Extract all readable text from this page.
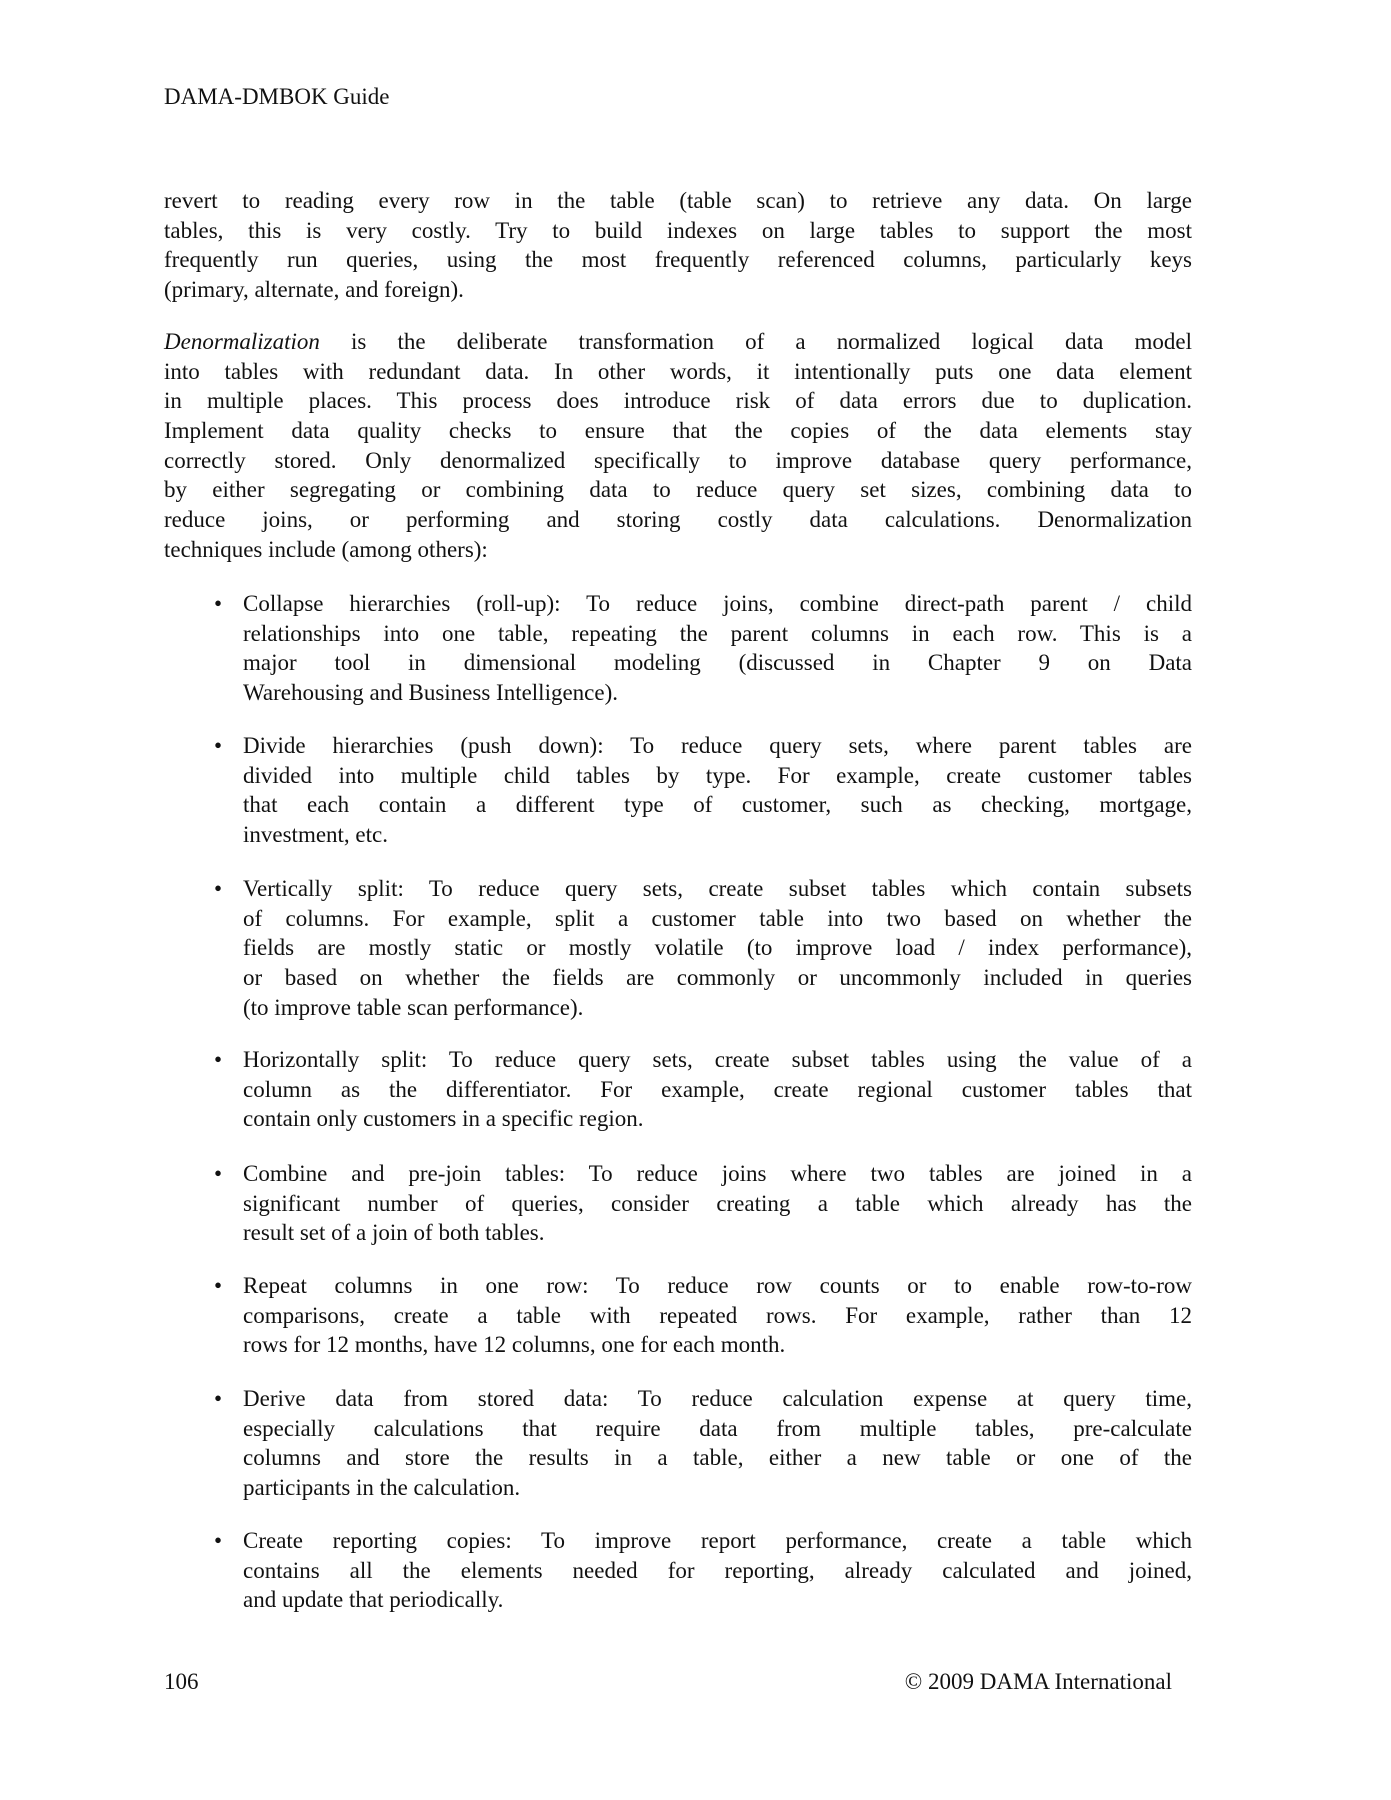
DAMA-DMBOK Guide
revert to reading every row in the table (table scan) to retrieve any data. On large
tables, this is very costly. Try to build indexes on large tables to support the most
frequently run queries, using the most frequently referenced columns, particularly keys
(primary, alternate, and foreign).
Denormalization is the deliberate transformation of a normalized logical data model
into tables with redundant data. In other words, it intentionally puts one data element
in multiple places. This process does introduce risk of data errors due to duplication.
Implement data quality checks to ensure that the copies of the data elements stay
correctly stored. Only denormalized specifically to improve database query performance,
by either segregating or combining data to reduce query set sizes, combining data to
reduce joins, or performing and storing costly data calculations. Denormalization
techniques include (among others):
• Collapse hierarchies (roll-up): To reduce joins, combine direct-path parent / child
relationships into one table, repeating the parent columns in each row. This is a
major tool in dimensional modeling (discussed in Chapter 9 on Data
Warehousing and Business Intelligence).
• Divide hierarchies (push down): To reduce query sets, where parent tables are
divided into multiple child tables by type. For example, create customer tables
that each contain a different type of customer, such as checking, mortgage,
investment, etc.
• Vertically split: To reduce query sets, create subset tables which contain subsets
of columns. For example, split a customer table into two based on whether the
fields are mostly static or mostly volatile (to improve load / index performance),
or based on whether the fields are commonly or uncommonly included in queries
(to improve table scan performance).
• Horizontally split: To reduce query sets, create subset tables using the value of a
column as the differentiator. For example, create regional customer tables that
contain only customers in a specific region.
• Combine and pre-join tables: To reduce joins where two tables are joined in a
significant number of queries, consider creating a table which already has the
result set of a join of both tables.
• Repeat columns in one row: To reduce row counts or to enable row-to-row
comparisons, create a table with repeated rows. For example, rather than 12
rows for 12 months, have 12 columns, one for each month.
• Derive data from stored data: To reduce calculation expense at query time,
especially calculations that require data from multiple tables, pre-calculate
columns and store the results in a table, either a new table or one of the
participants in the calculation.
• Create reporting copies: To improve report performance, create a table which
contains all the elements needed for reporting, already calculated and joined,
and update that periodically.
106	© 2009 DAMA International
